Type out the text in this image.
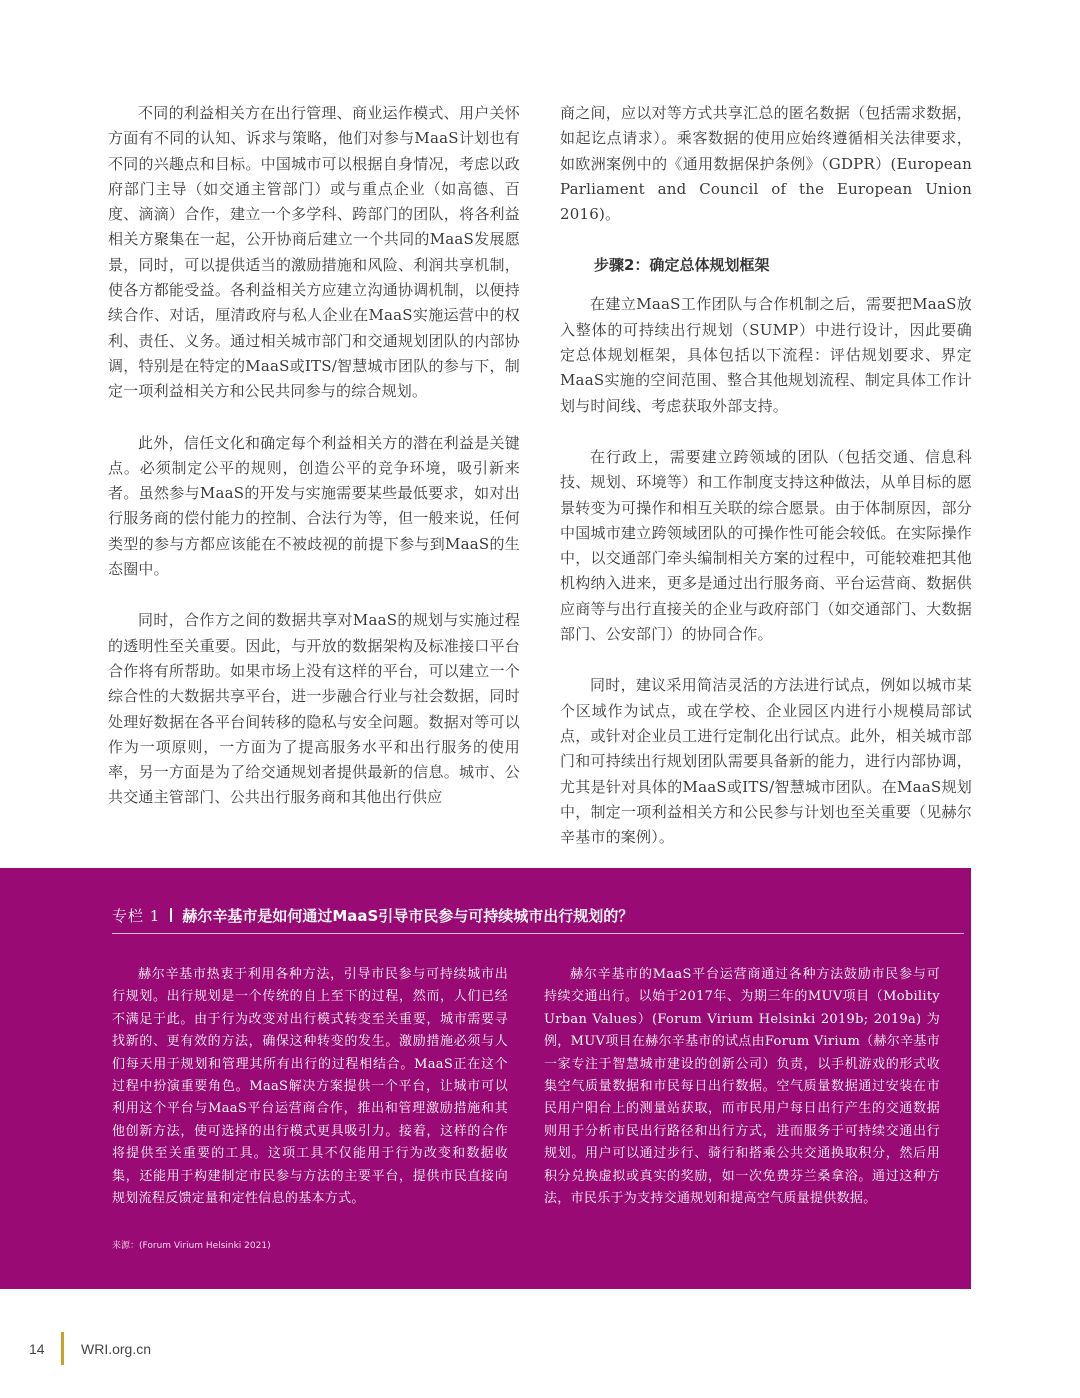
不同的利益相关方在出行管理、商业运作模式、用户关怀方面有不同的认知、诉求与策略，他们对参与MaaS计划也有不同的兴趣点和目标。中国城市可以根据自身情况，考虑以政府部门主导（如交通主管部门）或与重点企业（如高德、百度、滴滴）合作，建立一个多学科、跨部门的团队，将各利益相关方聚集在一起，公开协商后建立一个共同的MaaS发展愿景，同时，可以提供适当的激励措施和风险、利润共享机制，使各方都能受益。各利益相关方应建立沟通协调机制，以便持续合作、对话，厘清政府与私人企业在MaaS实施运营中的权利、责任、义务。通过相关城市部门和交通规划团队的内部协调，特别是在特定的MaaS或ITS/智慧城市团队的参与下，制定一项利益相关方和公民共同参与的综合规划。

此外，信任文化和确定每个利益相关方的潜在利益是关键点。必须制定公平的规则，创造公平的竞争环境，吸引新来者。虽然参与MaaS的开发与实施需要某些最低要求，如对出行服务商的偿付能力的控制、合法行为等，但一般来说，任何类型的参与方都应该能在不被歧视的前提下参与到MaaS的生态圈中。

同时，合作方之间的数据共享对MaaS的规划与实施过程的透明性至关重要。因此，与开放的数据架构及标准接口平台合作将有所帮助。如果市场上没有这样的平台，可以建立一个综合性的大数据共享平台，进一步融合行业与社会数据，同时处理好数据在各平台间转移的隐私与安全问题。数据对等可以作为一项原则，一方面为了提高服务水平和出行服务的使用率，另一方面是为了给交通规划者提供最新的信息。城市、公共交通主管部门、公共出行服务商和其他出行供应

商之间，应以对等方式共享汇总的匿名数据（包括需求数据，如起讫点请求）。乘客数据的使用应始终遵循相关法律要求，如欧洲案例中的《通用数据保护条例》（GDPR）(European Parliament and Council of the European Union 2016)。

步骤2：确定总体规划框架

在建立MaaS工作团队与合作机制之后，需要把MaaS放入整体的可持续出行规划（SUMP）中进行设计，因此要确定总体规划框架，具体包括以下流程：评估规划要求、界定MaaS实施的空间范围、整合其他规划流程、制定具体工作计划与时间线、考虑获取外部支持。

在行政上，需要建立跨领域的团队（包括交通、信息科技、规划、环境等）和工作制度支持这种做法，从单目标的愿景转变为可操作和相互关联的综合愿景。由于体制原因，部分中国城市建立跨领域团队的可操作性可能会较低。在实际操作中，以交通部门牵头编制相关方案的过程中，可能较难把其他机构纳入进来，更多是通过出行服务商、平台运营商、数据供应商等与出行直接关的企业与政府部门（如交通部门、大数据部门、公安部门）的协同合作。

同时，建议采用简洁灵活的方法进行试点，例如以城市某个区域作为试点，或在学校、企业园区内进行小规模局部试点，或针对企业员工进行定制化出行试点。此外，相关城市部门和可持续出行规划团队需要具备新的能力，进行内部协调，尤其是针对具体的MaaS或ITS/智慧城市团队。在MaaS规划中，制定一项利益相关方和公民参与计划也至关重要（见赫尔辛基市的案例）。

专栏 1 赫尔辛基市是如何通过MaaS引导市民参与可持续城市出行规划的？

赫尔辛基市热衷于利用各种方法，引导市民参与可持续城市出行规划。出行规划是一个传统的自上至下的过程，然而，人们已经不满足于此。由于行为改变对出行模式转变至关重要，城市需要寻找新的、更有效的方法，确保这种转变的发生。激励措施必须与人们每天用于规划和管理其所有出行的过程相结合。MaaS正在这个过程中扮演重要角色。MaaS解决方案提供一个平台，让城市可以利用这个平台与MaaS平台运营商合作，推出和管理激励措施和其他创新方法，使可选择的出行模式更具吸引力。接着，这样的合作将提供至关重要的工具。这项工具不仅能用于行为改变和数据收集，还能用于构建制定市民参与方法的主要平台，提供市民直接向规划流程反馈定量和定性信息的基本方式。

赫尔辛基市的MaaS平台运营商通过各种方法鼓励市民参与可持续交通出行。以始于2017年、为期三年的MUV项目（Mobility Urban Values）(Forum Virium Helsinki 2019b; 2019a) 为例，MUV项目在赫尔辛基市的试点由Forum Virium（赫尔辛基市一家专注于智慧城市建设的创新公司）负责，以手机游戏的形式收集空气质量数据和市民每日出行数据。空气质量数据通过安装在市民用户阳台上的测量站获取，而市民用户每日出行产生的交通数据则用于分析市民出行路径和出行方式，进而服务于可持续交通出行规划。用户可以通过步行、骑行和搭乘公共交通换取积分，然后用积分兑换虚拟或真实的奖励，如一次免费芬兰桑拿浴。通过这种方法，市民乐于为支持交通规划和提高空气质量提供数据。

来源：(Forum Virium Helsinki 2021)
14	WRI.org.cn
